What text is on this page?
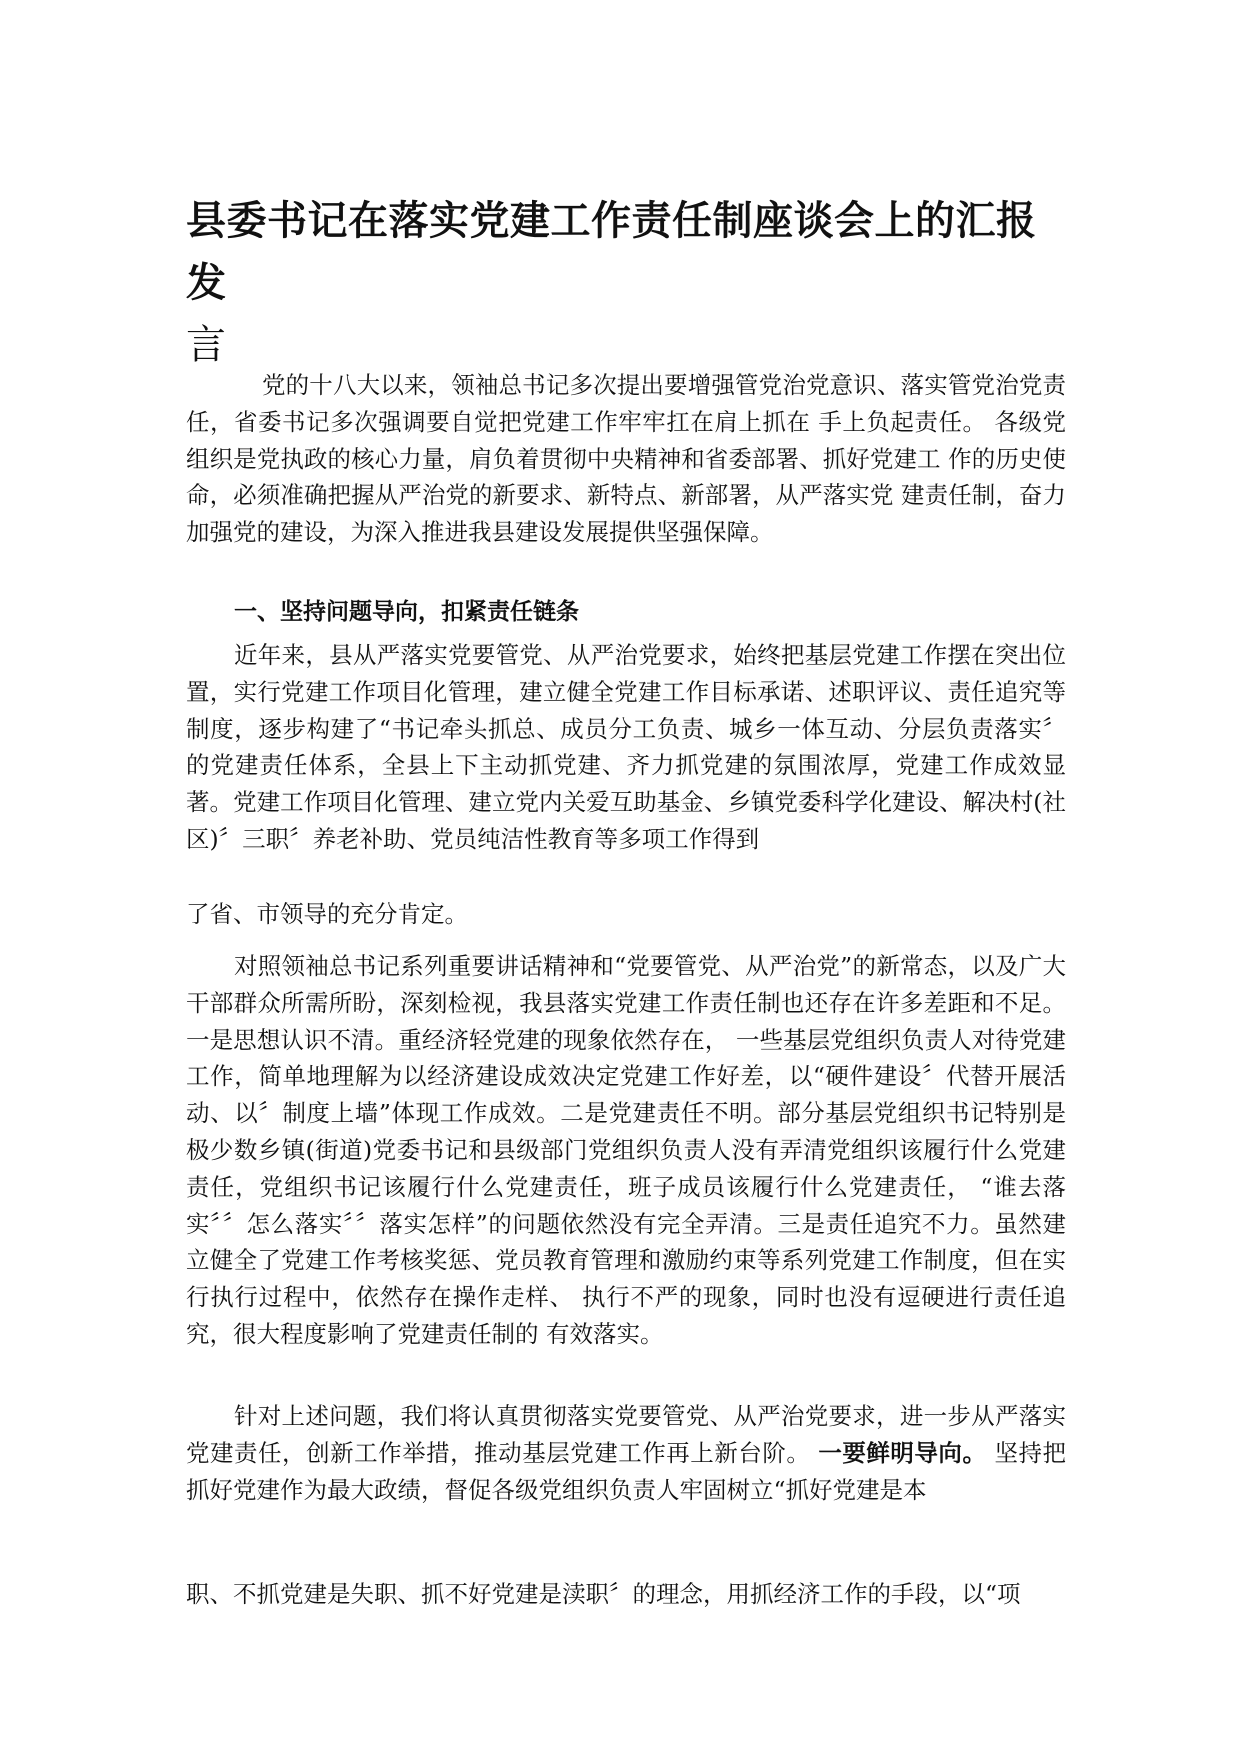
县委书记在落实党建工作责任制座谈会上的汇报发
言

党的十八大以来，领袖总书记多次提出要增强管党治党意识、落实管党治党责任，省委书记多次强调要自觉把党建工作牢牢扛在肩上抓在 手上负起责任。 各级党组织是党执政的核心力量，肩负着贯彻中央精神和省委部署、抓好党建工 作的历史使命，必须准确把握从严治党的新要求、新特点、新部署，从严落实党 建责任制，奋力加强党的建设，为深入推进我县建设发展提供坚强保障。

一、坚持问题导向，扣紧责任链条

近年来，县从严落实党要管党、从严治党要求，始终把基层党建工作摆在突出位置，实行党建工作项目化管理，建立健全党建工作目标承诺、述职评议、责任追究等制度，逐步构建了“书记牵头抓总、成员分工负责、城乡一体互动、分层负责落实〞的党建责任体系，全县上下主动抓党建、齐力抓党建的氛围浓厚，党建工作成效显著。党建工作项目化管理、建立党内关爱互助基金、乡镇党委科学化建设、解决村(社区)〞三职〞养老补助、党员纯洁性教育等多项工作得到

了省、市领导的充分肯定。

对照领袖总书记系列重要讲话精神和“党要管党、从严治党”的新常态，以及广大干部群众所需所盼，深刻检视，我县落实党建工作责任制也还存在许多差距和不足。 一是思想认识不清。重经济轻党建的现象依然存在， 一些基层党组织负责人对待党建工作，简单地理解为以经济建设成效决定党建工作好差，以“硬件建设〞代替开展活动、以〞制度上墙”体现工作成效。二是党建责任不明。部分基层党组织书记特别是极少数乡镇(街道)党委书记和县级部门党组织负责人没有弄清党组织该履行什么党建责任，党组织书记该履行什么党建责任，班子成员该履行什么党建责任， “谁去落实〞〞怎么落实〞〞落实怎样”的问题依然没有完全弄清。三是责任追究不力。虽然建立健全了党建工作考核奖惩、党员教育管理和激励约束等系列党建工作制度，但在实行执行过程中，依然存在操作走样、 执行不严的现象，同时也没有逗硬进行责任追究，很大程度影响了党建责任制的 有效落实。

针对上述问题，我们将认真贯彻落实党要管党、从严治党要求，进一步从严落实党建责任，创新工作举措，推动基层党建工作再上新台阶。 一要鲜明导向。 坚持把抓好党建作为最大政绩，督促各级党组织负责人牢固树立“抓好党建是本

职、不抓党建是失职、抓不好党建是渎职〞的理念，用抓经济工作的手段，以“项
